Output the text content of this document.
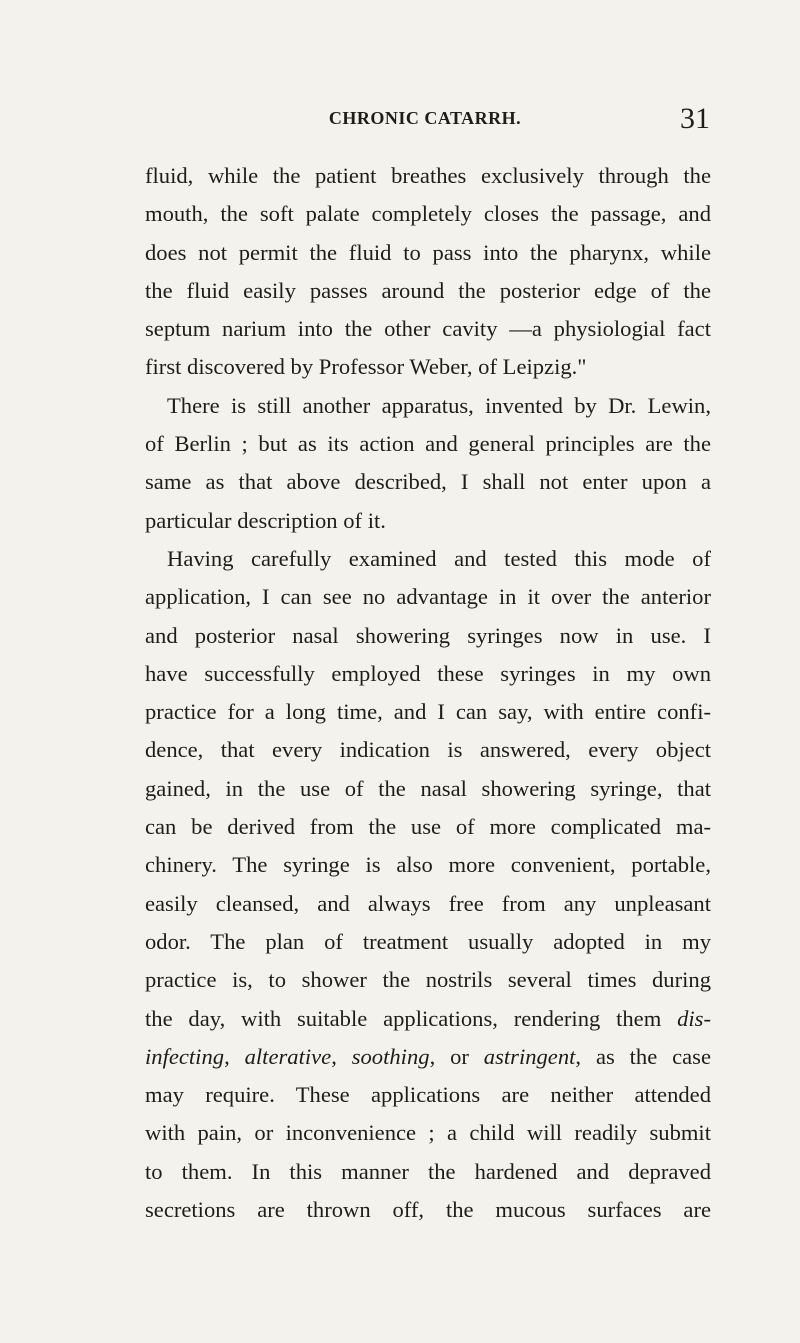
CHRONIC CATARRH.	31
fluid, while the patient breathes exclusively through the
mouth, the soft palate completely closes the passage, and
does not permit the fluid to pass into the pharynx, while
the fluid easily passes around the posterior edge of the
septum narium into the other cavity —a physiologial fact
first discovered by Professor Weber, of Leipzig."
There is still another apparatus, invented by Dr. Lewin,
of Berlin ; but as its action and general principles are the
same as that above described, I shall not enter upon a
particular description of it.
Having carefully examined and tested this mode of
application, I can see no advantage in it over the anterior
and posterior nasal showering syringes now in use. I
have successfully employed these syringes in my own
practice for a long time, and I can say, with entire confi-
dence, that every indication is answered, every object
gained, in the use of the nasal showering syringe, that
can be derived from the use of more complicated ma-
chinery. The syringe is also more convenient, portable,
easily cleansed, and always free from any unpleasant
odor. The plan of treatment usually adopted in my
practice is, to shower the nostrils several times during
the day, with suitable applications, rendering them dis-
infecting, alterative, soothing, or astringent, as the case
may require. These applications are neither attended
with pain, or inconvenience ; a child will readily submit
to them. In this manner the hardened and depraved
secretions are thrown off, the mucous surfaces are
